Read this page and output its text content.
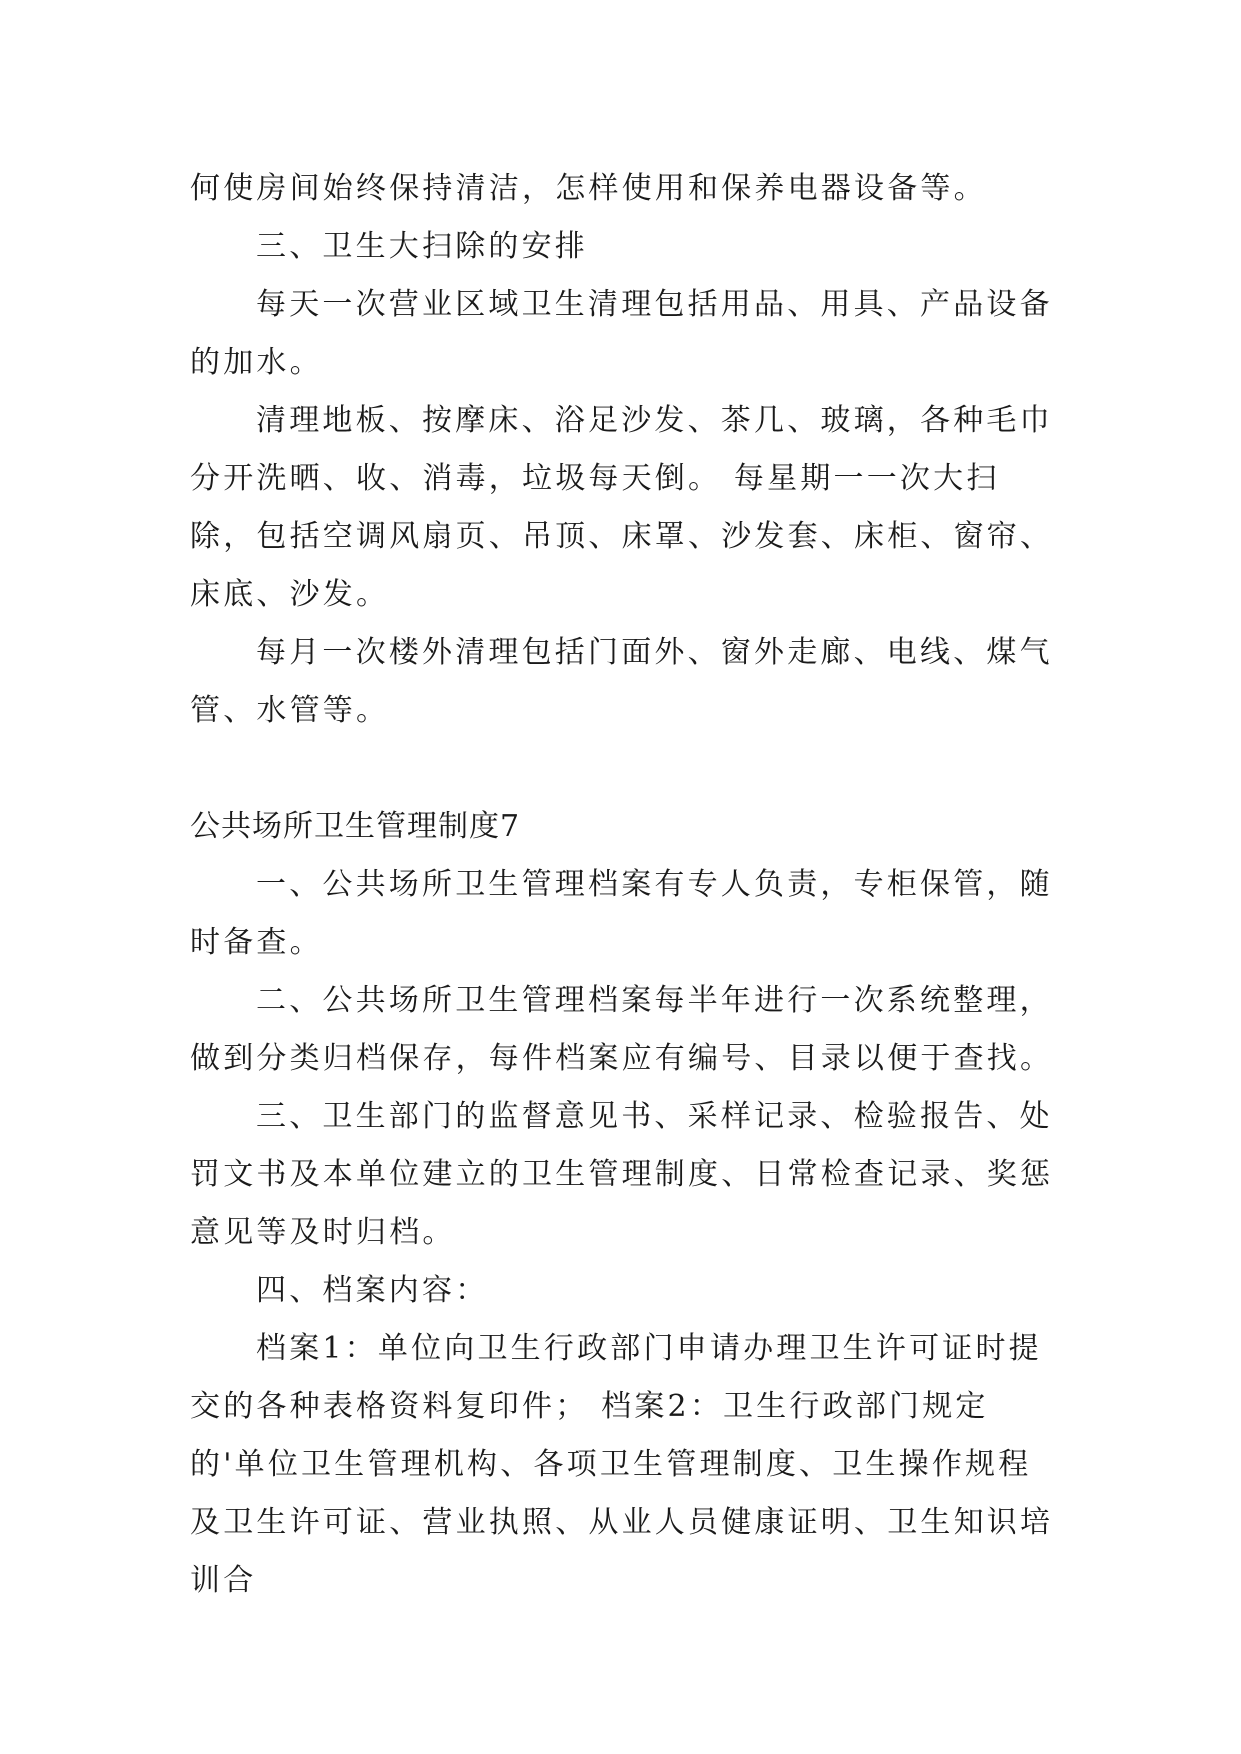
何使房间始终保持清洁，怎样使用和保养电器设备等。

三、卫生大扫除的安排

每天一次营业区域卫生清理包括用品、用具、产品设备的加水。

清理地板、按摩床、浴足沙发、茶几、玻璃，各种毛巾分开洗晒、收、消毒，垃圾每天倒。 每星期一一次大扫除，包括空调风扇页、吊顶、床罩、沙发套、床柜、窗帘、床底、沙发。

每月一次楼外清理包括门面外、窗外走廊、电线、煤气管、水管等。

公共场所卫生管理制度7

一、公共场所卫生管理档案有专人负责，专柜保管，随时备查。

二、公共场所卫生管理档案每半年进行一次系统整理，做到分类归档保存，每件档案应有编号、目录以便于查找。

三、卫生部门的监督意见书、采样记录、检验报告、处罚文书及本单位建立的卫生管理制度、日常检查记录、奖惩意见等及时归档。

四、档案内容：

档案1：单位向卫生行政部门申请办理卫生许可证时提交的各种表格资料复印件； 档案2：卫生行政部门规定的'单位卫生管理机构、各项卫生管理制度、卫生操作规程及卫生许可证、营业执照、从业人员健康证明、卫生知识培训合
